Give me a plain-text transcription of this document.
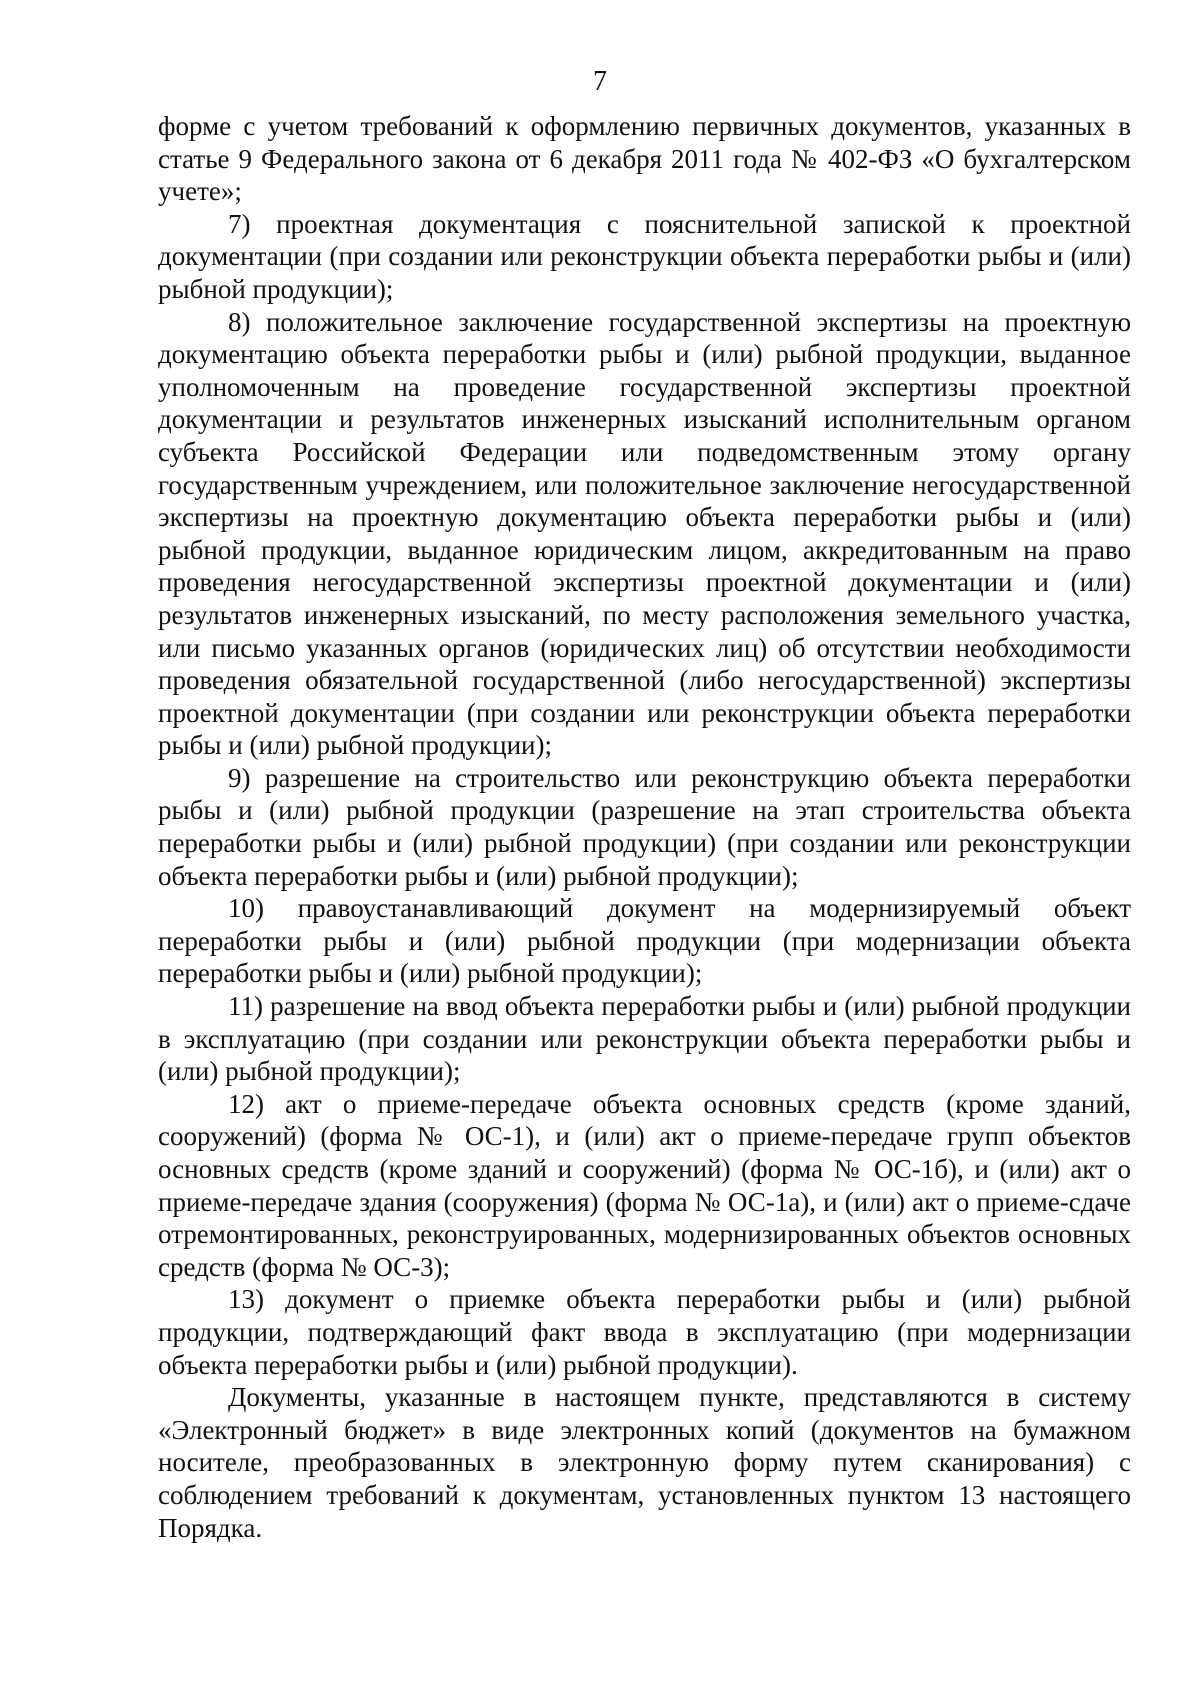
7

форме с учетом требований к оформлению первичных документов, указанных в статье 9 Федерального закона от 6 декабря 2011 года № 402-ФЗ «О бухгалтерском учете»;

7) проектная документация с пояснительной запиской к проектной документации (при создании или реконструкции объекта переработки рыбы и (или) рыбной продукции);

8) положительное заключение государственной экспертизы на проектную документацию объекта переработки рыбы и (или) рыбной продукции, выданное уполномоченным на проведение государственной экспертизы проектной документации и результатов инженерных изысканий исполнительным органом субъекта Российской Федерации или подведомственным этому органу государственным учреждением, или положительное заключение негосударственной экспертизы на проектную документацию объекта переработки рыбы и (или) рыбной продукции, выданное юридическим лицом, аккредитованным на право проведения негосударственной экспертизы проектной документации и (или) результатов инженерных изысканий, по месту расположения земельного участка, или письмо указанных органов (юридических лиц) об отсутствии необходимости проведения обязательной государственной (либо негосударственной) экспертизы проектной документации (при создании или реконструкции объекта переработки рыбы и (или) рыбной продукции);

9) разрешение на строительство или реконструкцию объекта переработки рыбы и (или) рыбной продукции (разрешение на этап строительства объекта переработки рыбы и (или) рыбной продукции) (при создании или реконструкции объекта переработки рыбы и (или) рыбной продукции);

10) правоустанавливающий документ на модернизируемый объект переработки рыбы и (или) рыбной продукции (при модернизации объекта переработки рыбы и (или) рыбной продукции);

11) разрешение на ввод объекта переработки рыбы и (или) рыбной продукции в эксплуатацию (при создании или реконструкции объекта переработки рыбы и (или) рыбной продукции);

12) акт о приеме-передаче объекта основных средств (кроме зданий, сооружений) (форма № ОС-1), и (или) акт о приеме-передаче групп объектов основных средств (кроме зданий и сооружений) (форма № ОС-1б), и (или) акт о приеме-передаче здания (сооружения) (форма № ОС-1а), и (или) акт о приеме-сдаче отремонтированных, реконструированных, модернизированных объектов основных средств (форма № ОС-3);

13) документ о приемке объекта переработки рыбы и (или) рыбной продукции, подтверждающий факт ввода в эксплуатацию (при модернизации объекта переработки рыбы и (или) рыбной продукции).

Документы, указанные в настоящем пункте, представляются в систему «Электронный бюджет» в виде электронных копий (документов на бумажном носителе, преобразованных в электронную форму путем сканирования) с соблюдением требований к документам, установленных пунктом 13 настоящего Порядка.
